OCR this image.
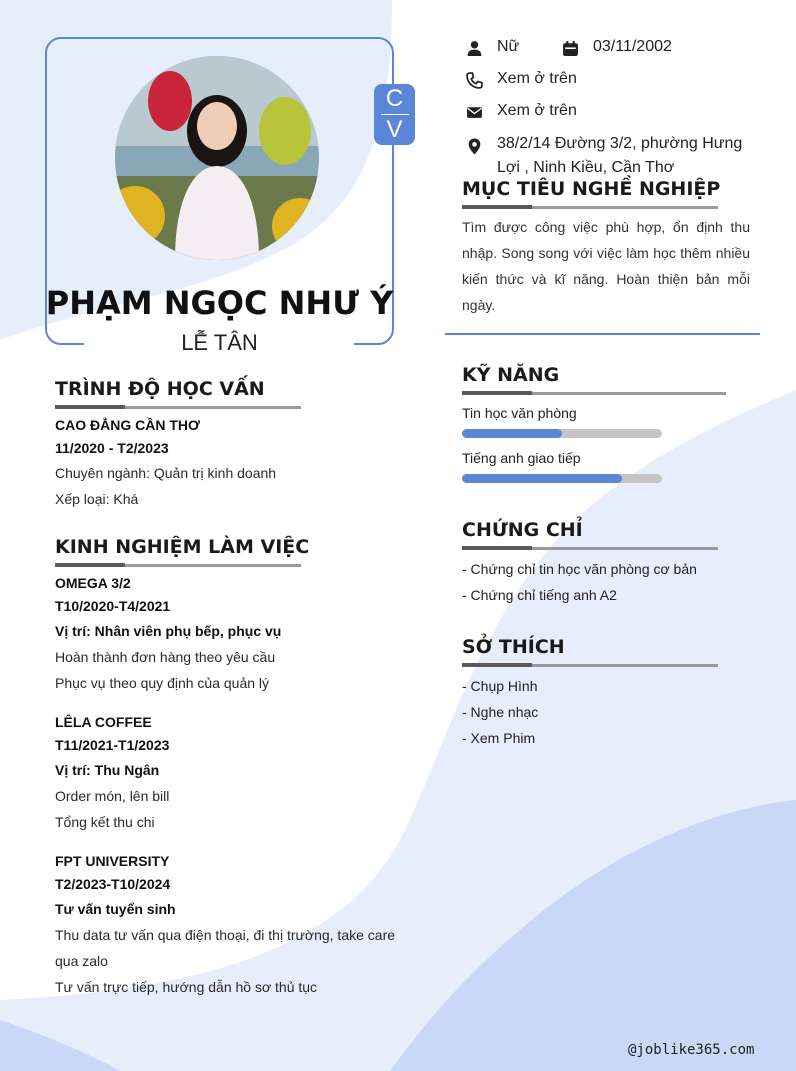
C
V
PHẠM NGỌC NHƯ Ý
LỄ TÂN
Nữ	03/11/2002
Xem ở trên
Xem ở trên
38/2/14 Đường 3/2, phường Hưng Lợi , Ninh Kiều, Cần Thơ
MỤC TIÊU NGHỀ NGHIỆP
Tìm được công việc phù hợp, ổn định thu nhập. Song song với việc làm học thêm nhiều kiến thức và kĩ năng. Hoàn thiện bản mỗi ngày.
TRÌNH ĐỘ HỌC VẤN
CAO ĐẲNG CẦN THƠ
11/2020 - T2/2023
Chuyên ngành: Quản trị kinh doanh
Xếp loại: Khá
KINH NGHIỆM LÀM VIỆC
OMEGA 3/2
T10/2020-T4/2021
Vị trí: Nhân viên phụ bếp, phục vụ
Hoàn thành đơn hàng theo yêu cầu
Phục vụ theo quy định của quản lý
LÊLA COFFEE
T11/2021-T1/2023
Vị trí: Thu Ngân
Order món, lên bill
Tổng kết thu chi
FPT UNIVERSITY
T2/2023-T10/2024
Tư vấn tuyển sinh
Thu data tư vấn qua điện thoại, đi thị trường, take care
qua zalo
Tư vấn trực tiếp, hướng dẫn hồ sơ thủ tục
KỸ NĂNG
Tin học văn phòng
Tiếng anh giao tiếp
CHỨNG CHỈ
- Chứng chỉ tin học văn phòng cơ bản
- Chứng chỉ tiếng anh A2
SỞ THÍCH
- Chụp Hình
- Nghe nhạc
- Xem Phim
@joblike365.com
